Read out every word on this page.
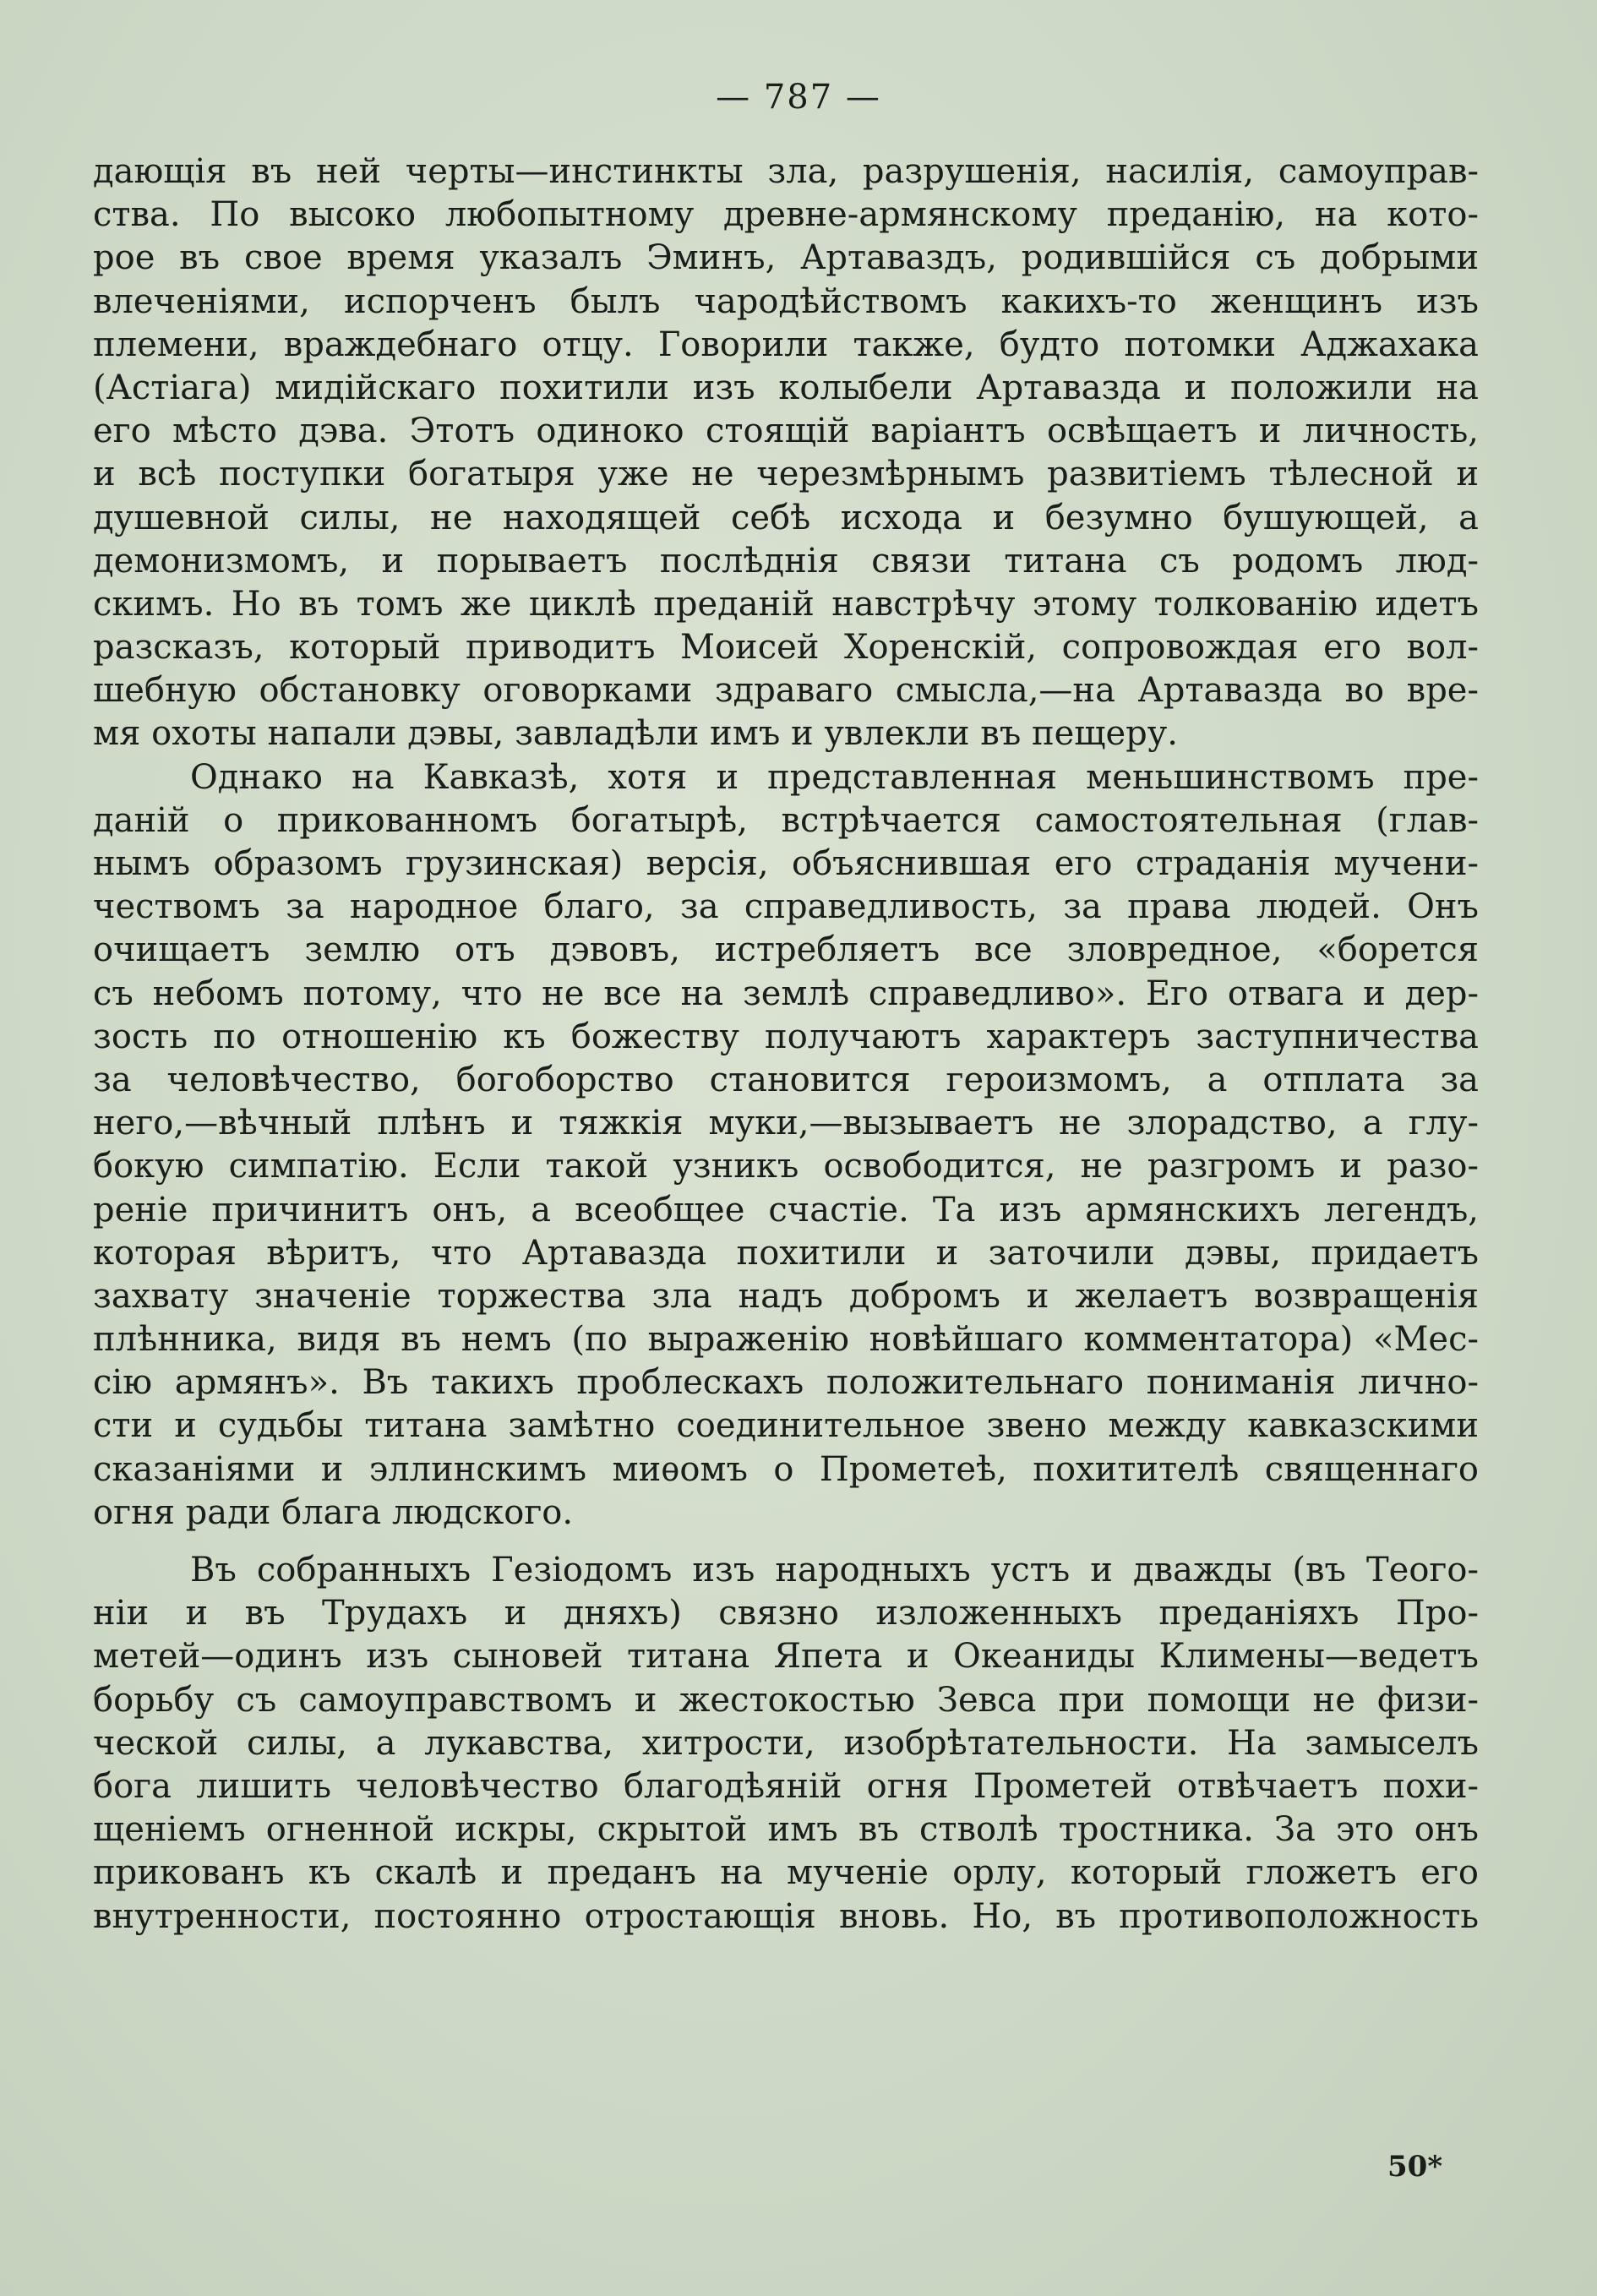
— 787 —
дающія въ ней черты—инстинкты зла, разрушенія, насилія, самоуправ-
ства. По высоко любопытному древне-армянскому преданію, на кото-
рое въ свое время указалъ Эминъ, Артаваздъ, родившійся съ добрыми
влеченіями, испорченъ былъ чародѣйствомъ какихъ-то женщинъ изъ
племени, враждебнаго отцу. Говорили также, будто потомки Аджахака
(Астіага) мидійскаго похитили изъ колыбели Артавазда и положили на
его мѣсто дэва. Этотъ одиноко стоящій варіантъ освѣщаетъ и личность,
и всѣ поступки богатыря уже не черезмѣрнымъ развитіемъ тѣлесной и
душевной силы, не находящей себѣ исхода и безумно бушующей, а
демонизмомъ, и порываетъ послѣднія связи титана съ родомъ люд-
скимъ. Но въ томъ же циклѣ преданій навстрѣчу этому толкованію идетъ
разсказъ, который приводитъ Моисей Хоренскій, сопровождая его вол-
шебную обстановку оговорками здраваго смысла,—на Артавазда во вре-
мя охоты напали дэвы, завладѣли имъ и увлекли въ пещеру.
Однако на Кавказѣ, хотя и представленная меньшинствомъ пре-
даній о прикованномъ богатырѣ, встрѣчается самостоятельная (глав-
нымъ образомъ грузинская) версія, объяснившая его страданія мучени-
чествомъ за народное благо, за справедливость, за права людей. Онъ
очищаетъ землю отъ дэвовъ, истребляетъ все зловредное, «борется
съ небомъ потому, что не все на землѣ справедливо». Его отвага и дер-
зость по отношенію къ божеству получаютъ характеръ заступничества
за человѣчество, богоборство становится героизмомъ, а отплата за
него,—вѣчный плѣнъ и тяжкія муки,—вызываетъ не злорадство, а глу-
бокую симпатію. Если такой узникъ освободится, не разгромъ и разо-
реніе причинитъ онъ, а всеобщее счастіе. Та изъ армянскихъ легендъ,
которая вѣритъ, что Артавазда похитили и заточили дэвы, придаетъ
захвату значеніе торжества зла надъ добромъ и желаетъ возвращенія
плѣнника, видя въ немъ (по выраженію новѣйшаго комментатора) «Мес-
сію армянъ». Въ такихъ проблескахъ положительнаго пониманія лично-
сти и судьбы титана замѣтно соединительное звено между кавказскими
сказаніями и эллинскимъ миѳомъ о Прометеѣ, похитителѣ священнаго
огня ради блага людского.
Въ собранныхъ Гезіодомъ изъ народныхъ устъ и дважды (въ Теого-
ніи и въ Трудахъ и дняхъ) связно изложенныхъ преданіяхъ Про-
метей—одинъ изъ сыновей титана Япета и Океаниды Климены—ведетъ
борьбу съ самоуправствомъ и жестокостью Зевса при помощи не физи-
ческой силы, а лукавства, хитрости, изобрѣтательности. На замыселъ
бога лишить человѣчество благодѣяній огня Прометей отвѣчаетъ похи-
щеніемъ огненной искры, скрытой имъ въ стволѣ тростника. За это онъ
прикованъ къ скалѣ и преданъ на мученіе орлу, который гложетъ его
внутренности, постоянно отростающія вновь. Но, въ противоположность
50*
